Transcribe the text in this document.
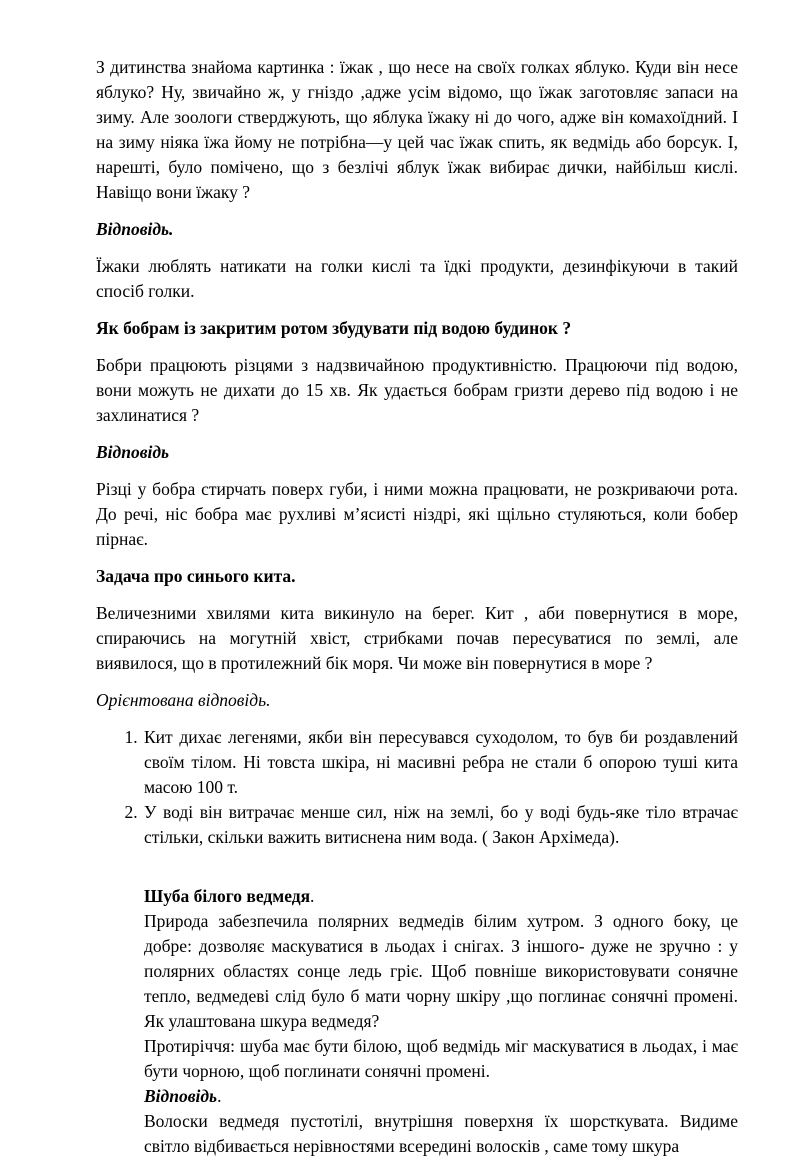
З дитинства знайома картинка : їжак , що несе на своїх голках яблуко. Куди він несе яблуко? Ну, звичайно ж, у гніздо ,адже усім відомо, що їжак заготовляє запаси на зиму. Але зоологи стверджують, що яблука їжаку ні до чого, адже він комахоїдний. І на зиму ніяка їжа йому не потрібна—у цей час їжак спить, як ведмідь або борсук. І, нарешті, було помічено, що з безлічі яблук їжак вибирає дички, найбільш кислі. Навіщо вони їжаку ?

Відповідь.

Їжаки люблять натикати на голки кислі та їдкі продукти, дезинфікуючи в такий спосіб голки.

Як бобрам із закритим ротом збудувати під водою будинок ?

Бобри працюють різцями з надзвичайною продуктивністю. Працюючи під водою, вони можуть не дихати до 15 хв. Як удається бобрам гризти дерево під водою і не захлинатися ?

Відповідь

Різці у бобра стирчать поверх губи, і ними можна працювати, не розкриваючи рота. До речі, ніс бобра має рухливі м’ясисті ніздрі, які щільно стуляються, коли бобер пірнає.

Задача про синього кита.

Величезними хвилями кита викинуло на берег. Кит , аби повернутися в море, спираючись на могутній хвіст, стрибками почав пересуватися по землі, але виявилося, що в протилежний бік моря. Чи може він повернутися в море ?

Орієнтована відповідь.

1. Кит дихає легенями, якби він пересувався суходолом, то був би роздавлений своїм тілом. Ні товста шкіра, ні масивні ребра не стали б опорою туші кита масою 100 т.
2. У воді він витрачає менше сил, ніж на землі, бо у воді будь-яке тіло втрачає стільки, скільки важить витиснена ним вода. ( Закон Архімеда).

Шуба білого ведмедя.

Природа забезпечила полярних ведмедів білим хутром. З одного боку, це добре: дозволяє маскуватися в льодах і снігах. З іншого- дуже не зручно : у полярних областях сонце ледь гріє. Щоб повніше використовувати сонячне тепло, ведмедеві слід було б мати чорну шкіру ,що поглинає сонячні промені. Як улаштована шкура ведмедя?

Протиріччя: шуба має бути білою, щоб ведмідь міг маскуватися в льодах, і має бути чорною, щоб поглинати сонячні промені.

Відповідь.

Волоски ведмедя пустотілі, внутрішня поверхня їх шорсткувата. Видиме світло відбивається нерівностями всередині волосків , саме тому шкура
